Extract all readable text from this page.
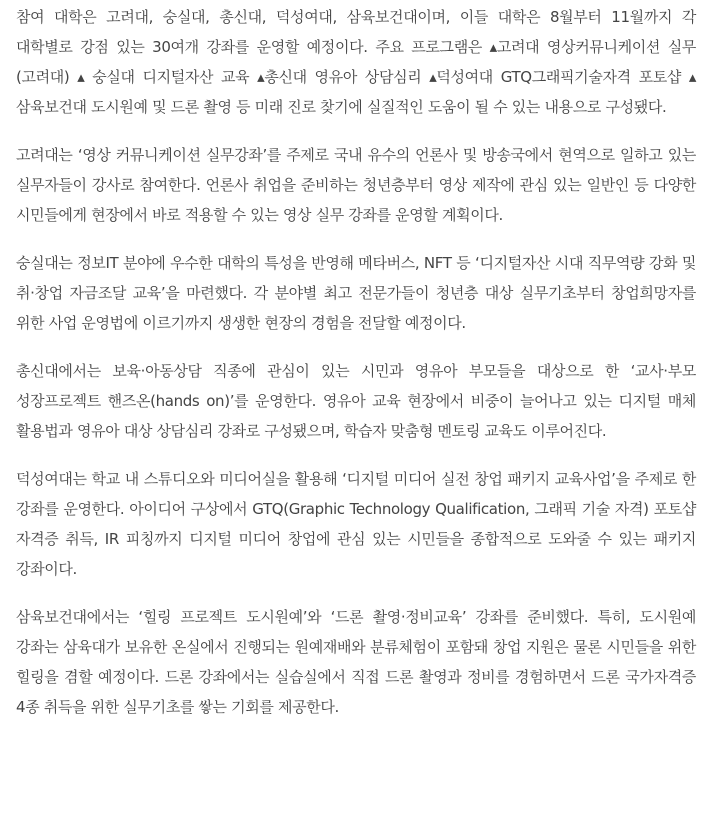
참여 대학은 고려대, 숭실대, 총신대, 덕성여대, 삼육보건대이며, 이들 대학은 8월부터 11월까지 각 대학별로 강점 있는 30여개 강좌를 운영할 예정이다. 주요 프로그램은 ▴고려대 영상커뮤니케이션 실무(고려대) ▴ 숭실대 디지털자산 교육 ▴총신대 영유아 상담심리 ▴덕성여대 GTQ그래픽기술자격 포토샵 ▴삼육보건대 도시원예 및 드론 촬영 등 미래 진로 찾기에 실질적인 도움이 될 수 있는 내용으로 구성됐다.

고려대는 ‘영상 커뮤니케이션 실무강좌’를 주제로 국내 유수의 언론사 및 방송국에서 현역으로 일하고 있는 실무자들이 강사로 참여한다. 언론사 취업을 준비하는 청년층부터 영상 제작에 관심 있는 일반인 등 다양한 시민들에게 현장에서 바로 적용할 수 있는 영상 실무 강좌를 운영할 계획이다.

숭실대는 정보IT 분야에 우수한 대학의 특성을 반영해 메타버스, NFT 등 ‘디지털자산 시대 직무역량 강화 및 취·창업 자금조달 교육’을 마련했다. 각 분야별 최고 전문가들이 청년층 대상 실무기초부터 창업희망자를 위한 사업 운영법에 이르기까지 생생한 현장의 경험을 전달할 예정이다.

총신대에서는 보육·아동상담 직종에 관심이 있는 시민과 영유아 부모들을 대상으로 한 ‘교사·부모 성장프로젝트 핸즈온(hands on)’를 운영한다. 영유아 교육 현장에서 비중이 늘어나고 있는 디지털 매체 활용법과 영유아 대상 상담심리 강좌로 구성됐으며, 학습자 맞춤형 멘토링 교육도 이루어진다.

덕성여대는 학교 내 스튜디오와 미디어실을 활용해 ‘디지털 미디어 실전 창업 패키지 교육사업’을 주제로 한 강좌를 운영한다. 아이디어 구상에서 GTQ(Graphic Technology Qualification, 그래픽 기술 자격) 포토샵 자격증 취득, IR 피칭까지 디지털 미디어 창업에 관심 있는 시민들을 종합적으로 도와줄 수 있는 패키지 강좌이다.

삼육보건대에서는 ‘힐링 프로젝트 도시원예’와 ‘드론 촬영·정비교육’ 강좌를 준비했다. 특히, 도시원예 강좌는 삼육대가 보유한 온실에서 진행되는 원예재배와 분류체험이 포함돼 창업 지원은 물론 시민들을 위한 힐링을 겸할 예정이다. 드론 강좌에서는 실습실에서 직접 드론 촬영과 정비를 경험하면서 드론 국가자격증 4종 취득을 위한 실무기초를 쌓는 기회를 제공한다.
